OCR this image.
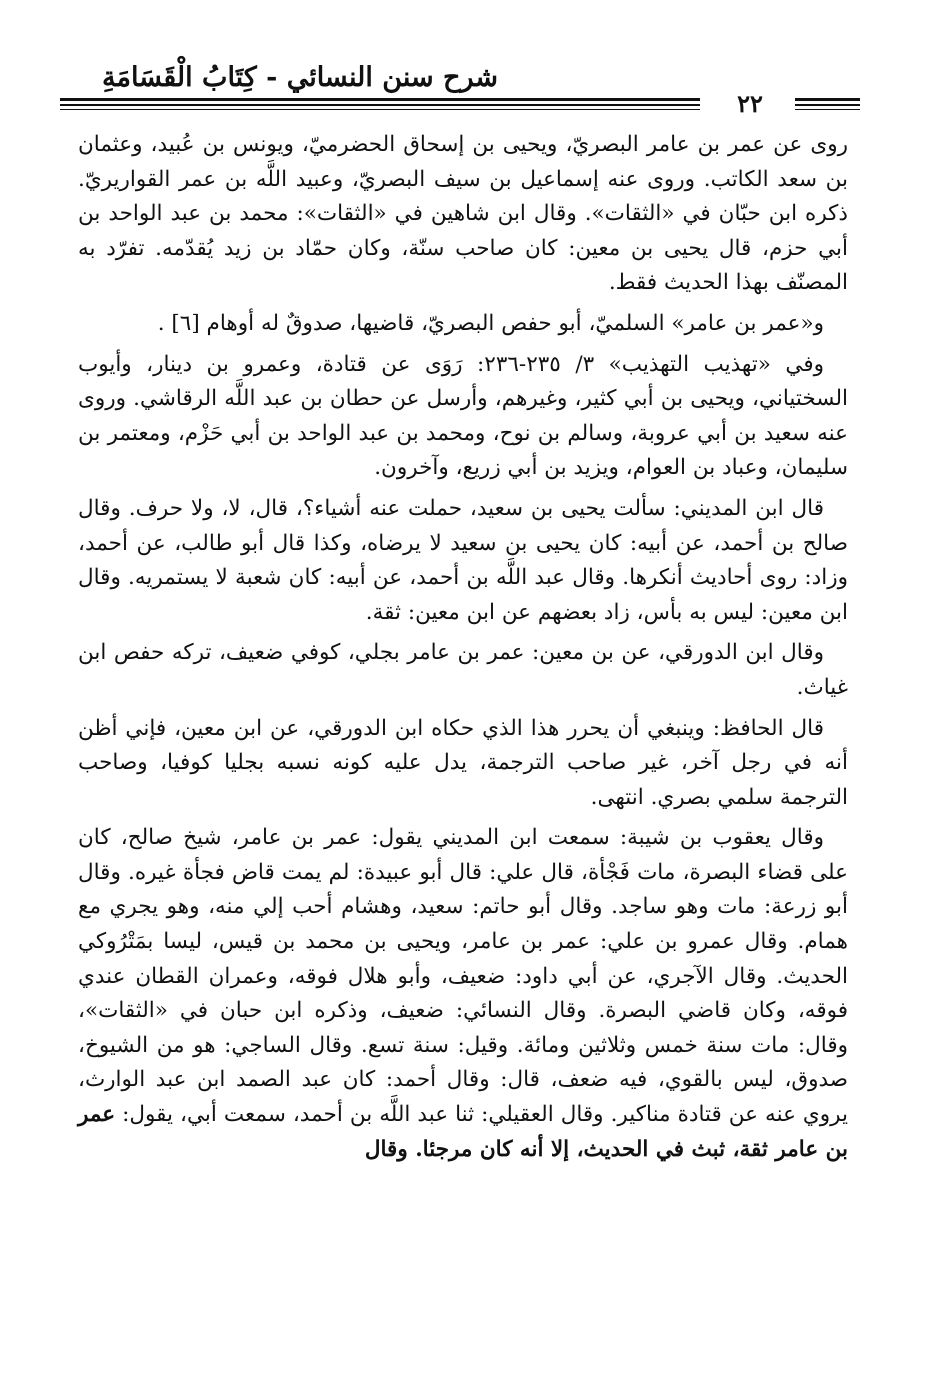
شرح سنن النسائي - كِتَابُ الْقَسَامَةِ
٢٢

روى عن عمر بن عامر البصريّ، ويحيى بن إسحاق الحضرميّ، ويونس بن عُبيد، وعثمان بن سعد الكاتب. وروى عنه إسماعيل بن سيف البصريّ، وعبيد اللَّه بن عمر القواريريّ. ذكره ابن حبّان في «الثقات». وقال ابن شاهين في «الثقات»: محمد بن عبد الواحد بن أبي حزم، قال يحيى بن معين: كان صاحب سنّة، وكان حمّاد بن زيد يُقدّمه. تفرّد به المصنّف بهذا الحديث فقط.

و«عمر بن عامر» السلميّ، أبو حفص البصريّ، قاضيها، صدوقٌ له أوهام [٦] .

وفي «تهذيب التهذيب» ٣/ ٢٣٥-٢٣٦: رَوَى عن قتادة، وعمرو بن دينار، وأيوب السختياني، ويحيى بن أبي كثير، وغيرهم، وأرسل عن حطان بن عبد اللَّه الرقاشي. وروى عنه سعيد بن أبي عروبة، وسالم بن نوح، ومحمد بن عبد الواحد بن أبي حَزْم، ومعتمر بن سليمان، وعباد بن العوام، ويزيد بن أبي زريع، وآخرون.

قال ابن المديني: سألت يحيى بن سعيد، حملت عنه أشياء؟، قال، لا، ولا حرف. وقال صالح بن أحمد، عن أبيه: كان يحيى بن سعيد لا يرضاه، وكذا قال أبو طالب، عن أحمد، وزاد: روى أحاديث أنكرها. وقال عبد اللَّه بن أحمد، عن أبيه: كان شعبة لا يستمريه. وقال ابن معين: ليس به بأس، زاد بعضهم عن ابن معين: ثقة.

وقال ابن الدورقي، عن بن معين: عمر بن عامر بجلي، كوفي ضعيف، تركه حفص ابن غياث.

قال الحافظ: وينبغي أن يحرر هذا الذي حكاه ابن الدورقي، عن ابن معين، فإني أظن أنه في رجل آخر، غير صاحب الترجمة، يدل عليه كونه نسبه بجليا كوفيا، وصاحب الترجمة سلمي بصري. انتهى.

وقال يعقوب بن شيبة: سمعت ابن المديني يقول: عمر بن عامر، شيخ صالح، كان على قضاء البصرة، مات فَجْأة، قال علي: قال أبو عبيدة: لم يمت قاض فجأة غيره. وقال أبو زرعة: مات وهو ساجد. وقال أبو حاتم: سعيد، وهشام أحب إلي منه، وهو يجري مع همام. وقال عمرو بن علي: عمر بن عامر، ويحيى بن محمد بن قيس، ليسا بمَتْرُوكي الحديث. وقال الآجري، عن أبي داود: ضعيف، وأبو هلال فوقه، وعمران القطان عندي فوقه، وكان قاضي البصرة. وقال النسائي: ضعيف، وذكره ابن حبان في «الثقات»، وقال: مات سنة خمس وثلاثين ومائة. وقيل: سنة تسع. وقال الساجي: هو من الشيوخ، صدوق، ليس بالقوي، فيه ضعف، قال: وقال أحمد: كان عبد الصمد ابن عبد الوارث، يروي عنه عن قتادة مناكير. وقال العقيلي: ثنا عبد اللَّه بن أحمد، سمعت أبي، يقول: عمر بن عامر ثقة، ثبث في الحديث، إلا أنه كان مرجئا. وقال
